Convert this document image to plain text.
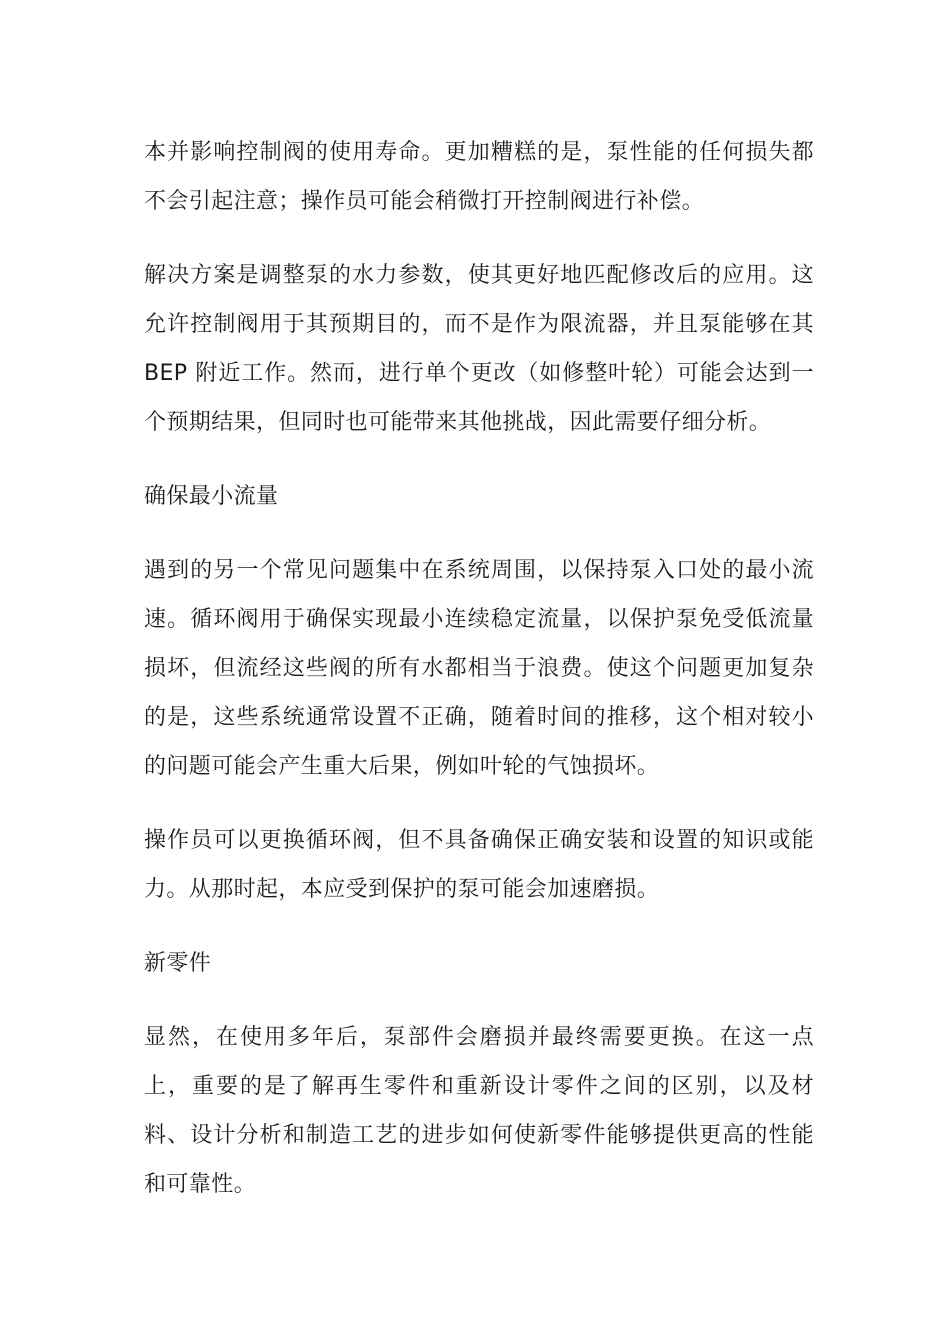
本并影响控制阀的使用寿命。更加糟糕的是，泵性能的任何损失都不会引起注意；操作员可能会稍微打开控制阀进行补偿。

解决方案是调整泵的水力参数，使其更好地匹配修改后的应用。这允许控制阀用于其预期目的，而不是作为限流器，并且泵能够在其 BEP 附近工作。然而，进行单个更改（如修整叶轮）可能会达到一个预期结果，但同时也可能带来其他挑战，因此需要仔细分析。

确保最小流量

遇到的另一个常见问题集中在系统周围，以保持泵入口处的最小流速。循环阀用于确保实现最小连续稳定流量，以保护泵免受低流量损坏，但流经这些阀的所有水都相当于浪费。使这个问题更加复杂的是，这些系统通常设置不正确，随着时间的推移，这个相对较小的问题可能会产生重大后果，例如叶轮的气蚀损坏。

操作员可以更换循环阀，但不具备确保正确安装和设置的知识或能力。从那时起，本应受到保护的泵可能会加速磨损。

新零件

显然，在使用多年后，泵部件会磨损并最终需要更换。在这一点上，重要的是了解再生零件和重新设计零件之间的区别，以及材料、设计分析和制造工艺的进步如何使新零件能够提供更高的性能和可靠性。
